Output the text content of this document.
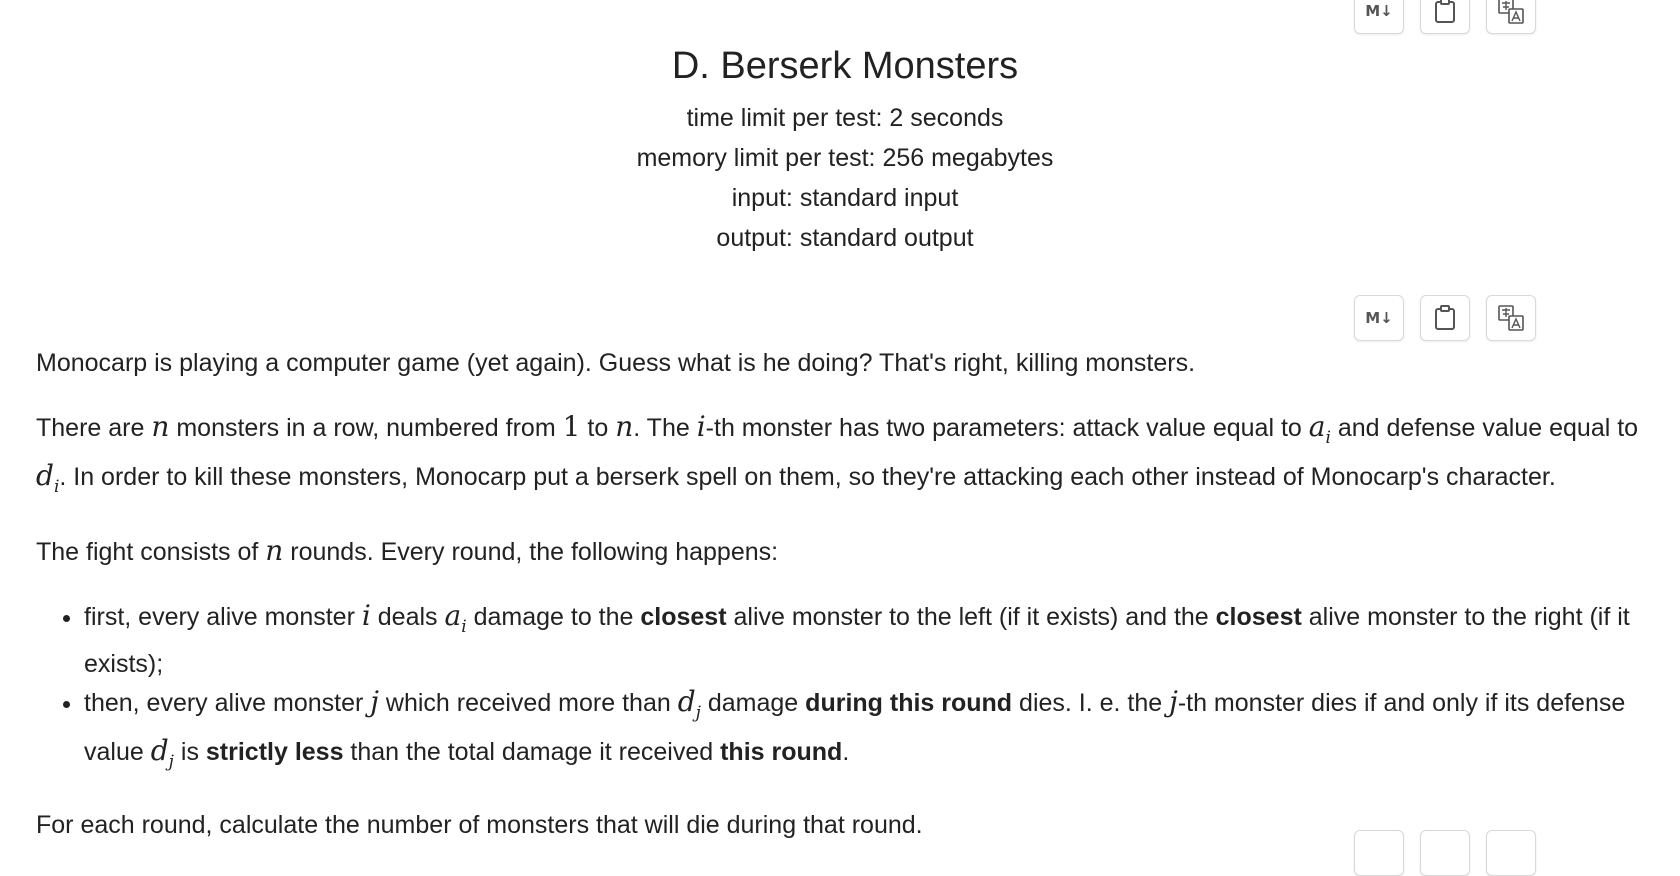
M↓
D. Berserk Monsters
time limit per test: 2 seconds
memory limit per test: 256 megabytes
input: standard input
output: standard output
M↓

Monocarp is playing a computer game (yet again). Guess what is he doing? That's right, killing monsters.

There are n monsters in a row, numbered from 1 to n. The i-th monster has two parameters: attack value equal to $a_i$ and defense value equal to $d_i$. In order to kill these monsters, Monocarp put a berserk spell on them, so they're attacking each other instead of Monocarp's character.

The fight consists of n rounds. Every round, the following happens:

• first, every alive monster i deals $a_i$ damage to the closest alive monster to the left (if it exists) and the closest alive monster to the right (if it exists);
• then, every alive monster j which received more than $d_j$ damage during this round dies. I. e. the j-th monster dies if and only if its defense value $d_j$ is strictly less than the total damage it received this round.

For each round, calculate the number of monsters that will die during that round.
